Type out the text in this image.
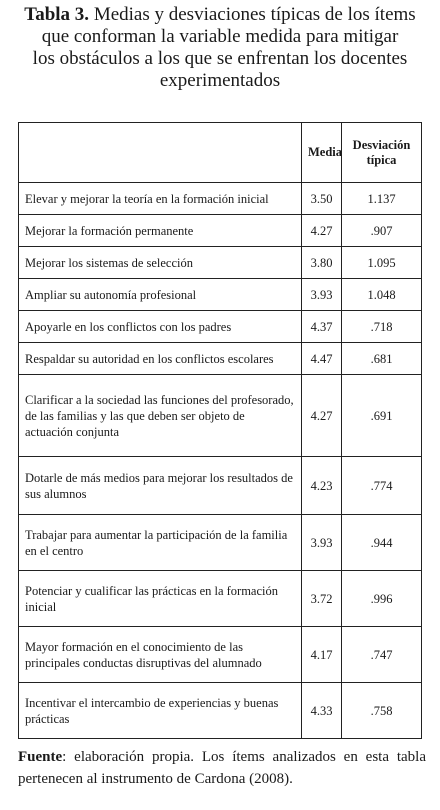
Tabla 3. Medias y desviaciones típicas de los ítems
que conforman la variable medida para mitigar
los obstáculos a los que se enfrentan los docentes
experimentados
	Media	Desviación
típica
Elevar y mejorar la teoría en la formación inicial	3.50	1.137
Mejorar la formación permanente	4.27	.907
Mejorar los sistemas de selección	3.80	1.095
Ampliar su autonomía profesional	3.93	1.048
Apoyarle en los conflictos con los padres	4.37	.718
Respaldar su autoridad en los conflictos escolares	4.47	.681
Clarificar a la sociedad las funciones del profesorado, de las familias y las que deben ser objeto de actuación conjunta	4.27	.691
Dotarle de más medios para mejorar los resultados de sus alumnos	4.23	.774
Trabajar para aumentar la participación de la familia en el centro	3.93	.944
Potenciar y cualificar las prácticas en la formación inicial	3.72	.996
Mayor formación en el conocimiento de las principales conductas disruptivas del alumnado	4.17	.747
Incentivar el intercambio de experiencias y buenas prácticas	4.33	.758
Fuente: elaboración propia. Los ítems analizados en esta tabla pertenecen al instrumento de Cardona (2008).
